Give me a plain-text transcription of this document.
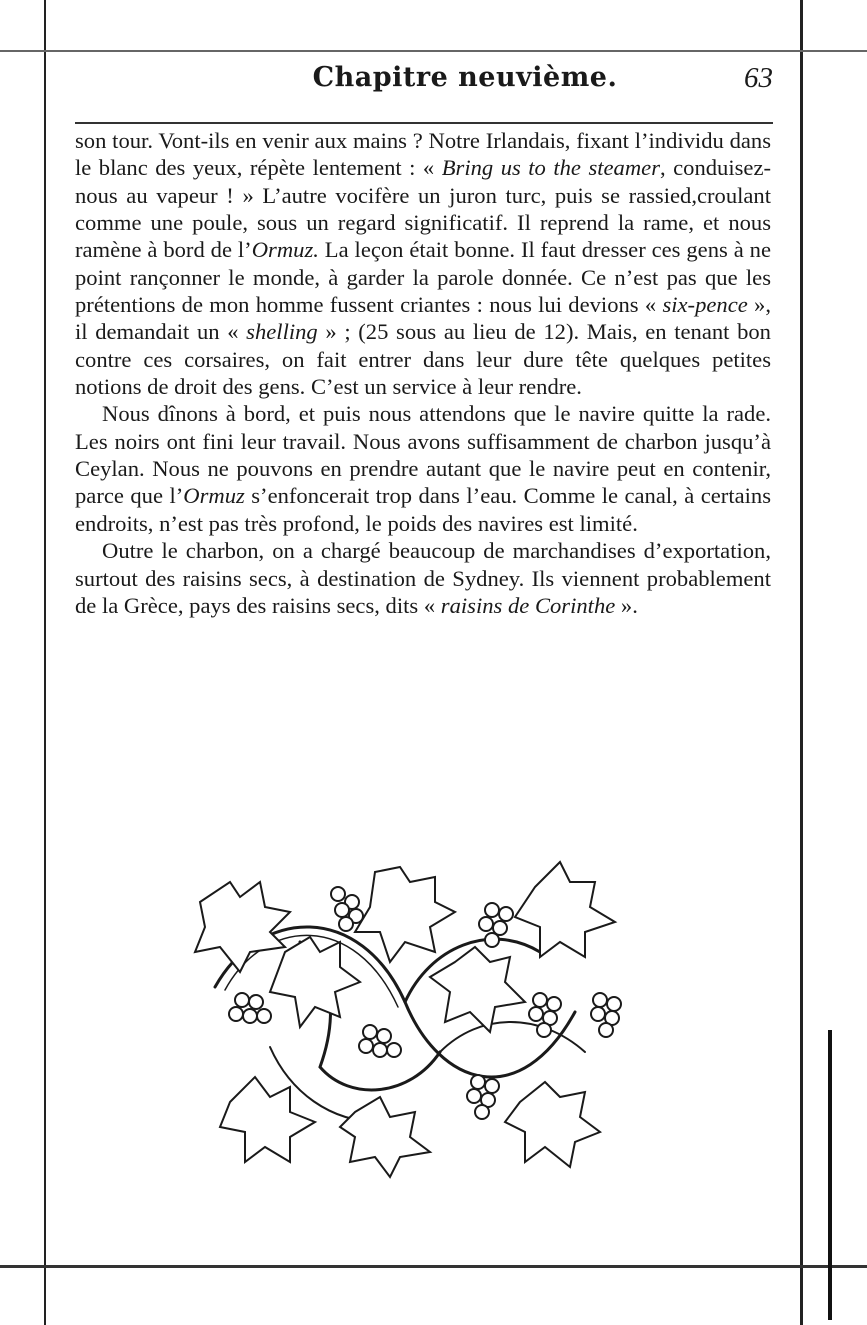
Chapitre neuvième.	63

son tour. Vont-ils en venir aux mains ? Notre Irlandais, fixant l’individu dans le blanc des yeux, répète lentement : « Bring us to the steamer, conduisez-nous au vapeur ! » L’autre vocifère un juron turc, puis se rassied,croulant comme une poule, sous un regard significatif. Il reprend la rame, et nous ramène à bord de l’Ormuz. La leçon était bonne. Il faut dresser ces gens à ne point rançonner le monde, à garder la parole donnée. Ce n’est pas que les prétentions de mon homme fussent criantes : nous lui devions « six-pence », il demandait un « shelling » ; (25 sous au lieu de 12). Mais, en tenant bon contre ces corsaires, on fait entrer dans leur dure tête quelques petites notions de droit des gens. C’est un service à leur rendre.

Nous dînons à bord, et puis nous attendons que le navire quitte la rade. Les noirs ont fini leur travail. Nous avons suffisamment de charbon jusqu’à Ceylan. Nous ne pouvons en prendre autant que le navire peut en contenir, parce que l’Ormuz s’enfoncerait trop dans l’eau. Comme le canal, à certains endroits, n’est pas très profond, le poids des navires est limité.

Outre le charbon, on a chargé beaucoup de marchandises d’exportation, surtout des raisins secs, à destination de Sydney. Ils viennent probablement de la Grèce, pays des raisins secs, dits « raisins de Corinthe ».
